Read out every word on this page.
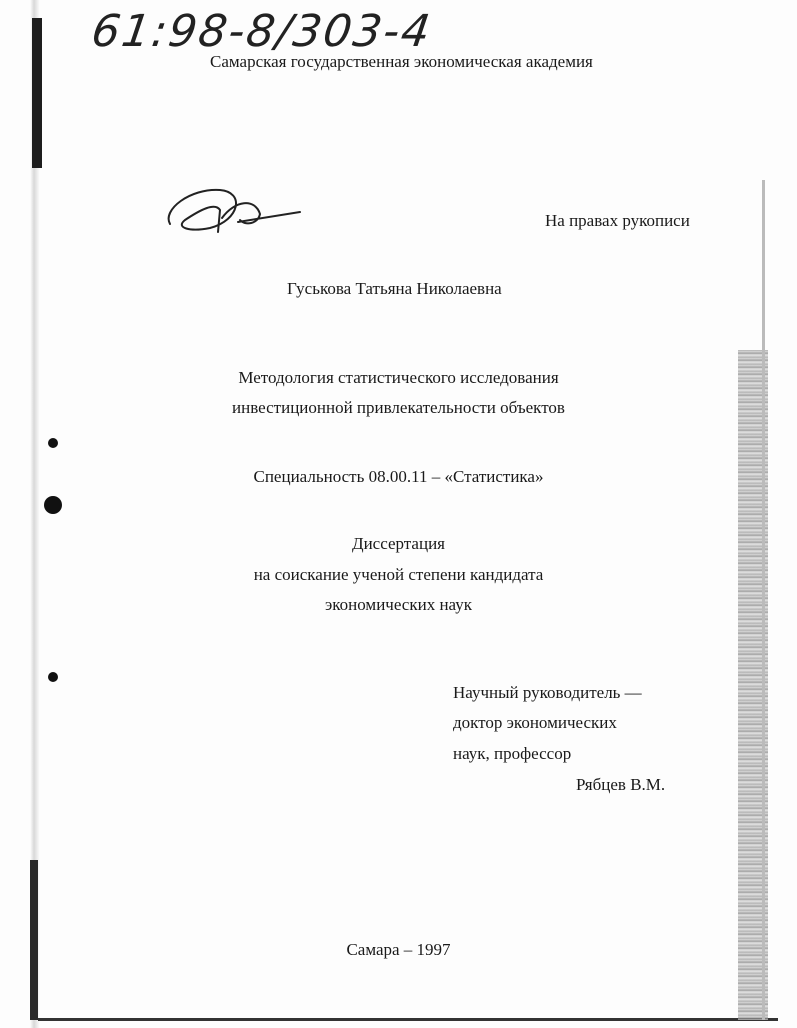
61:98-8/303-4
Самарская государственная экономическая академия
На правах рукописи
Гуськова Татьяна Николаевна
Методология статистического исследования
инвестиционной привлекательности объектов
Специальность 08.00.11 – «Статистика»
Диссертация
на соискание ученой степени кандидата
экономических наук
Научный руководитель —
доктор экономических
наук, профессор
Рябцев В.М.
Самара – 1997
